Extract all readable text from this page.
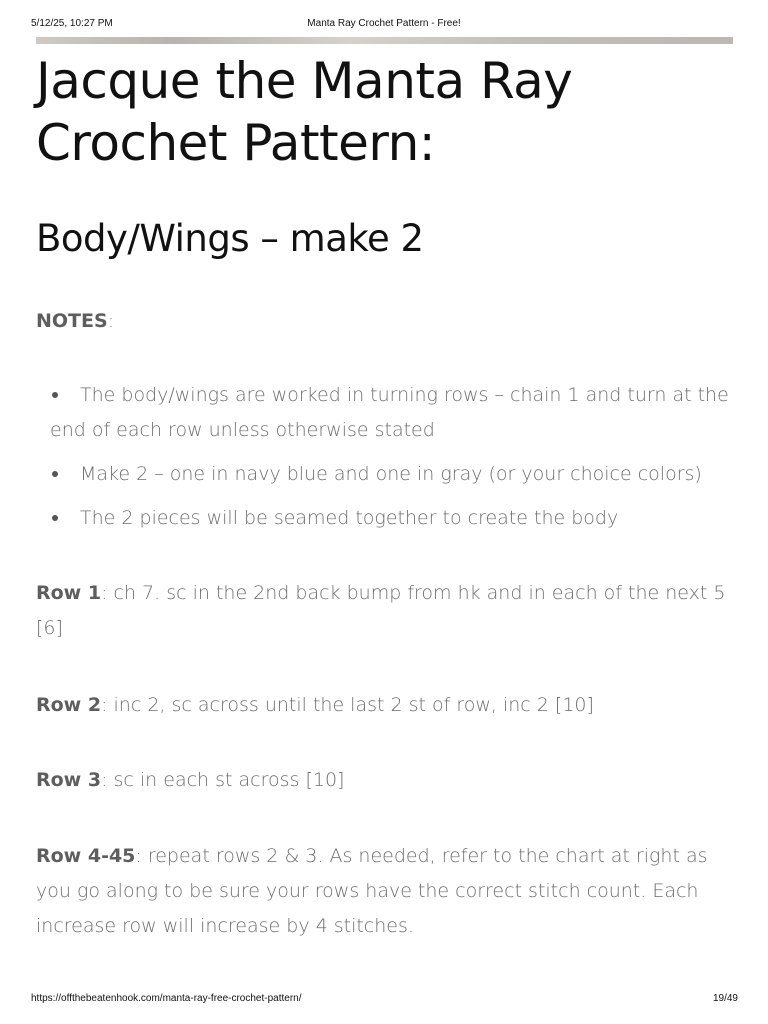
5/12/25, 10:27 PM	Manta Ray Crochet Pattern - Free!
Jacque the Manta Ray Crochet Pattern:
Body/Wings – make 2

NOTES:

The body/wings are worked in turning rows – chain 1 and turn at the end of each row unless otherwise stated
Make 2 – one in navy blue and one in gray (or your choice colors)
The 2 pieces will be seamed together to create the body

Row 1: ch 7. sc in the 2nd back bump from hk and in each of the next 5 [6]

Row 2: inc 2, sc across until the last 2 st of row, inc 2 [10]

Row 3: sc in each st across [10]

Row 4-45: repeat rows 2 & 3. As needed, refer to the chart at right as you go along to be sure your rows have the correct stitch count. Each increase row will increase by 4 stitches.

https://offthebeatenhook.com/manta-ray-free-crochet-pattern/	19/49
